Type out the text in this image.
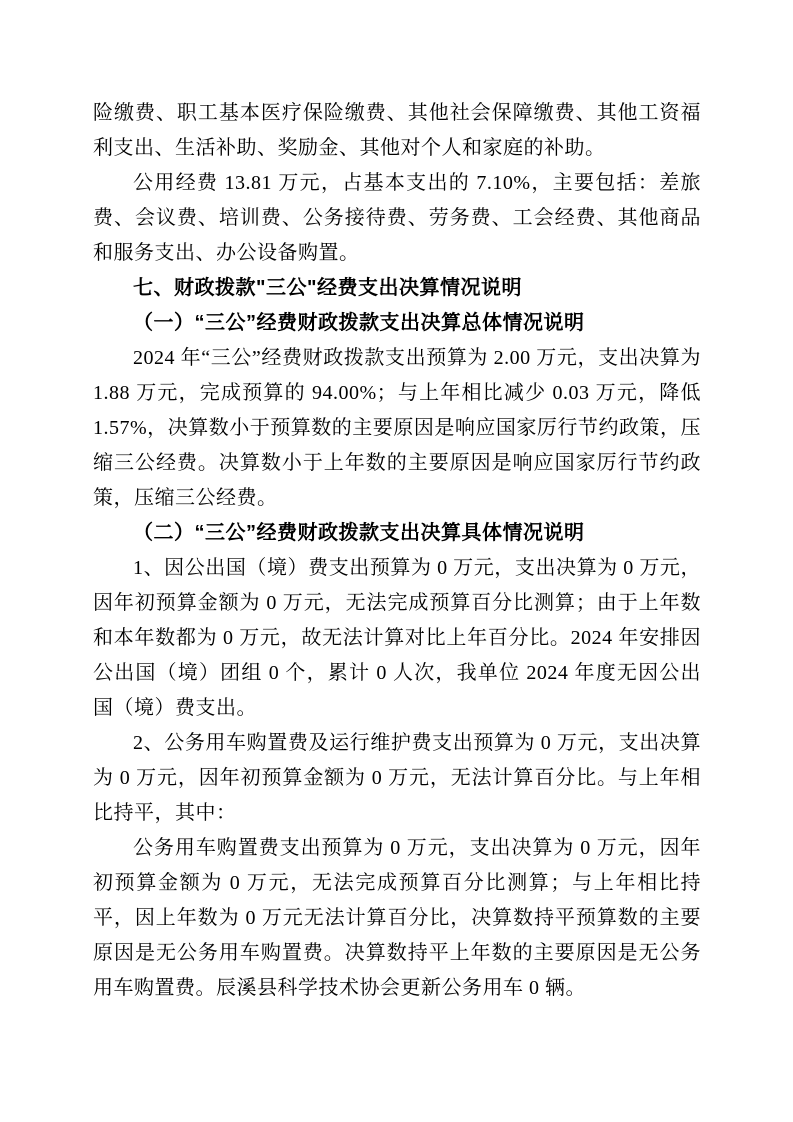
险缴费、职工基本医疗保险缴费、其他社会保障缴费、其他工资福利支出、生活补助、奖励金、其他对个人和家庭的补助。

公用经费 13.81 万元，占基本支出的 7.10%，主要包括：差旅费、会议费、培训费、公务接待费、劳务费、工会经费、其他商品和服务支出、办公设备购置。

七、财政拨款"三公"经费支出决算情况说明

（一）“三公”经费财政拨款支出决算总体情况说明

2024 年“三公”经费财政拨款支出预算为 2.00 万元，支出决算为 1.88 万元，完成预算的 94.00%；与上年相比减少 0.03 万元，降低 1.57%，决算数小于预算数的主要原因是响应国家厉行节约政策，压缩三公经费。决算数小于上年数的主要原因是响应国家厉行节约政策，压缩三公经费。

（二）“三公”经费财政拨款支出决算具体情况说明

1、因公出国（境）费支出预算为 0 万元，支出决算为 0 万元，因年初预算金额为 0 万元，无法完成预算百分比测算；由于上年数和本年数都为 0 万元，故无法计算对比上年百分比。2024 年安排因公出国（境）团组 0 个，累计 0 人次，我单位 2024 年度无因公出国（境）费支出。

2、公务用车购置费及运行维护费支出预算为 0 万元，支出决算为 0 万元，因年初预算金额为 0 万元，无法计算百分比。与上年相比持平，其中：

公务用车购置费支出预算为 0 万元，支出决算为 0 万元，因年初预算金额为 0 万元，无法完成预算百分比测算；与上年相比持平，因上年数为 0 万元无法计算百分比，决算数持平预算数的主要原因是无公务用车购置费。决算数持平上年数的主要原因是无公务用车购置费。辰溪县科学技术协会更新公务用车 0 辆。
